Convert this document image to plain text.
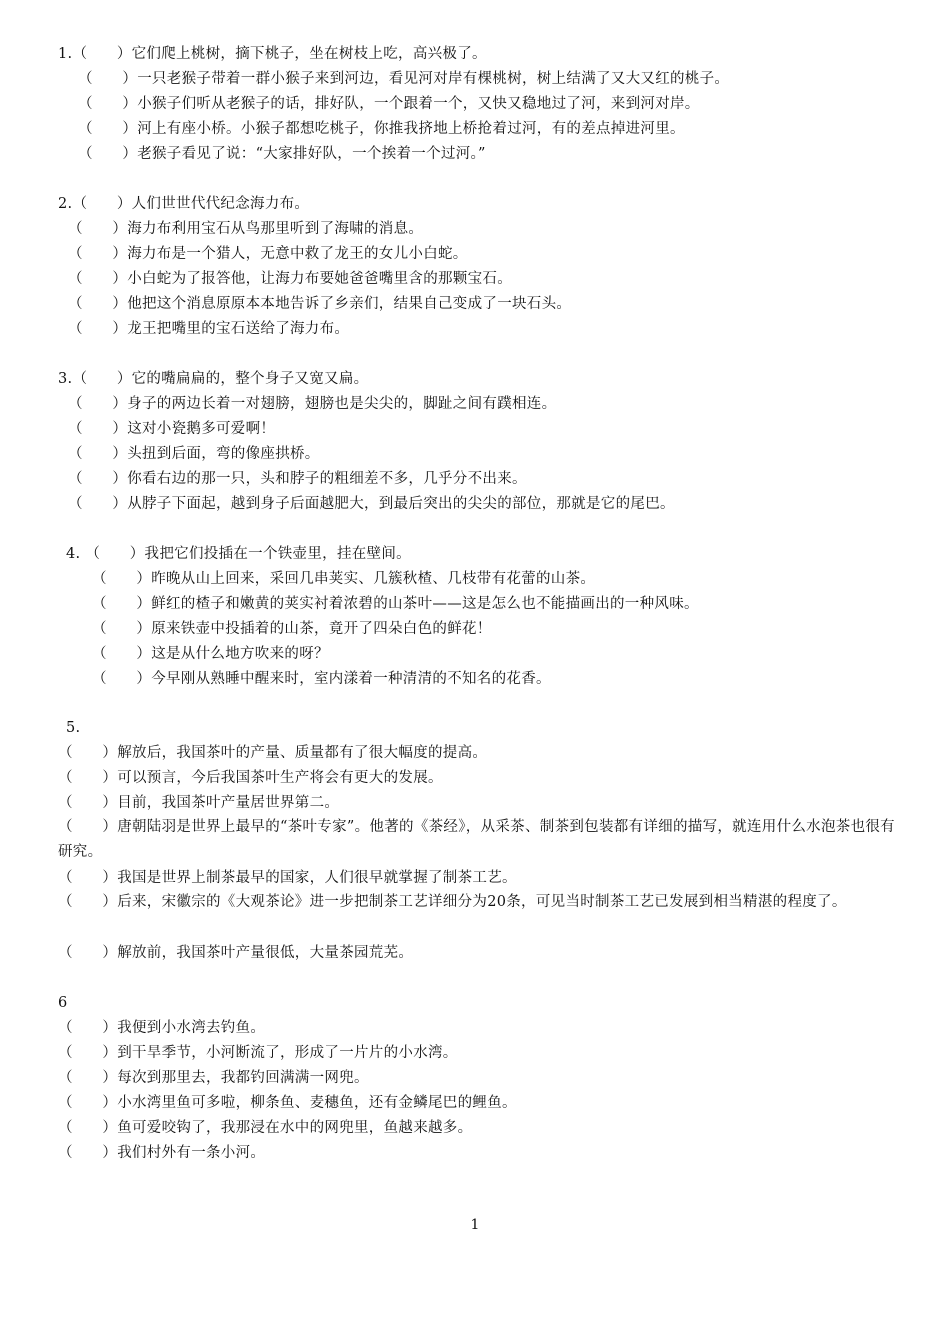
1.（　　）它们爬上桃树，摘下桃子，坐在树枝上吃，高兴极了。
（　　）一只老猴子带着一群小猴子来到河边，看见河对岸有棵桃树，树上结满了又大又红的桃子。
（　　）小猴子们听从老猴子的话，排好队，一个跟着一个，又快又稳地过了河，来到河对岸。
（　　）河上有座小桥。小猴子都想吃桃子，你推我挤地上桥抢着过河，有的差点掉进河里。
（　　）老猴子看见了说：“大家排好队，一个挨着一个过河。”
2.（　　）人们世世代代纪念海力布。
（　　）海力布利用宝石从鸟那里听到了海啸的消息。
（　　）海力布是一个猎人，无意中救了龙王的女儿小白蛇。
（　　）小白蛇为了报答他，让海力布要她爸爸嘴里含的那颗宝石。
（　　）他把这个消息原原本本地告诉了乡亲们，结果自己变成了一块石头。
（　　）龙王把嘴里的宝石送给了海力布。
3.（　　）它的嘴扁扁的，整个身子又宽又扁。
（　　）身子的两边长着一对翅膀，翅膀也是尖尖的，脚趾之间有蹼相连。
（　　）这对小瓷鹅多可爱啊！
（　　）头扭到后面，弯的像座拱桥。
（　　）你看右边的那一只，头和脖子的粗细差不多，几乎分不出来。
（　　）从脖子下面起，越到身子后面越肥大，到最后突出的尖尖的部位，那就是它的尾巴。
4. （　　）我把它们投插在一个铁壶里，挂在壁间。
（　　）昨晚从山上回来，采回几串荚实、几簇秋楂、几枝带有花蕾的山茶。
（　　）鲜红的楂子和嫩黄的荚实衬着浓碧的山茶叶——这是怎么也不能描画出的一种风味。
（　　）原来铁壶中投插着的山茶，竟开了四朵白色的鲜花！
（　　）这是从什么地方吹来的呀？
（　　）今早刚从熟睡中醒来时，室内漾着一种清清的不知名的花香。
5.
（　　）解放后，我国茶叶的产量、质量都有了很大幅度的提高。
（　　）可以预言，今后我国茶叶生产将会有更大的发展。
（　　）目前，我国茶叶产量居世界第二。
（　　）唐朝陆羽是世界上最早的“茶叶专家”。他著的《茶经》，从采茶、制茶到包装都有详细的描写，就连用什么水泡茶也很有研究。
（　　）我国是世界上制茶最早的国家，人们很早就掌握了制茶工艺。
（　　）后来，宋徽宗的《大观茶论》进一步把制茶工艺详细分为20条，可见当时制茶工艺已发展到相当精湛的程度了。
（　　）解放前，我国茶叶产量很低，大量茶园荒芜。
6
（　　）我便到小水湾去钓鱼。
（　　）到干旱季节，小河断流了，形成了一片片的小水湾。
（　　）每次到那里去，我都钓回满满一网兜。
（　　）小水湾里鱼可多啦，柳条鱼、麦穗鱼，还有金鳞尾巴的鲤鱼。
（　　）鱼可爱咬钩了，我那浸在水中的网兜里，鱼越来越多。
（　　）我们村外有一条小河。
1
